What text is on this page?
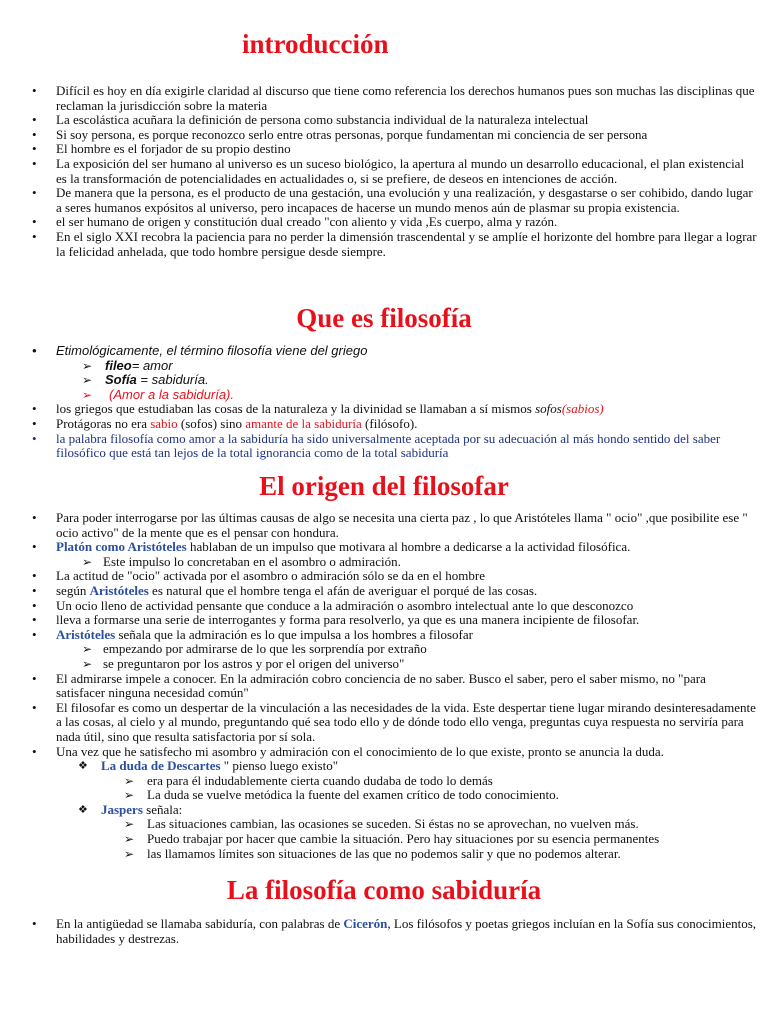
introducción
• Difícil es hoy en día exigirle claridad al discurso que tiene como referencia los derechos humanos pues son muchas las disciplinas que reclaman la jurisdicción sobre la materia
• La escolástica acuñara la definición de persona como substancia individual de la naturaleza intelectual
• Si soy persona, es porque reconozco serlo entre otras personas, porque fundamentan mi conciencia de ser persona
• El hombre es el forjador de su propio destino
• La exposición del ser humano al universo es un suceso biológico, la apertura al mundo un desarrollo educacional, el plan existencial es la transformación de potencialidades en actualidades o, si se prefiere, de deseos en intenciones de acción.
• De manera que la persona, es el producto de una gestación, una evolución y una realización, y desgastarse o ser cohibido, dando lugar a seres humanos expósitos al universo, pero incapaces de hacerse un mundo menos aún de plasmar su propia existencia.
• el ser humano de origen y constitución dual creado "con aliento y vida ,Es cuerpo, alma y razón.
• En el siglo XXI recobra la paciencia para no perder la dimensión trascendental y se amplíe el horizonte del hombre para llegar a lograr la felicidad anhelada, que todo hombre persigue desde siempre.
Que es filosofía
• Etimológicamente, el término filosofía viene del griego
➢ fileo= amor
➢ Sofía = sabiduría.
➢ (Amor a la sabiduría).
• los griegos que estudiaban las cosas de la naturaleza y la divinidad se llamaban a sí mismos sofos(sabios)
• Protágoras no era sabio (sofos) sino amante de la sabiduría (filósofo).
• la palabra filosofía como amor a la sabiduría ha sido universalmente aceptada por su adecuación al más hondo sentido del saber filosófico que está tan lejos de la total ignorancia como de la total sabiduría
El origen del filosofar
• Para poder interrogarse por las últimas causas de algo se necesita una cierta paz , lo que Aristóteles llama " ocio" ,que posibilite ese " ocio activo" de la mente que es el pensar con hondura.
• Platón como Aristóteles hablaban de un impulso que motivara al hombre a dedicarse a la actividad filosófica.
➢ Este impulso lo concretaban en el asombro o admiración.
• La actitud de "ocio" activada por el asombro o admiración sólo se da en el hombre
• según Aristóteles es natural que el hombre tenga el afán de averiguar el porqué de las cosas.
• Un ocio lleno de actividad pensante que conduce a la admiración o asombro intelectual ante lo que desconozco
• lleva a formarse una serie de interrogantes y forma para resolverlo, ya que es una manera incipiente de filosofar.
• Aristóteles señala que la admiración es lo que impulsa a los hombres a filosofar
➢ empezando por admirarse de lo que les sorprendía por extraño
➢ se preguntaron por los astros y por el origen del universo"
• El admirarse impele a conocer. En la admiración cobro conciencia de no saber. Busco el saber, pero el saber mismo, no "para satisfacer ninguna necesidad común"
• El filosofar es como un despertar de la vinculación a las necesidades de la vida. Este despertar tiene lugar mirando desinteresadamente a las cosas, al cielo y al mundo, preguntando qué sea todo ello y de dónde todo ello venga, preguntas cuya respuesta no serviría para nada útil, sino que resulta satisfactoria por sí sola.
• Una vez que he satisfecho mi asombro y admiración con el conocimiento de lo que existe, pronto se anuncia la duda.
❖ La duda de Descartes " pienso luego existo"
➢ era para él indudablemente cierta cuando dudaba de todo lo demás
➢ La duda se vuelve metódica la fuente del examen crítico de todo conocimiento.
❖ Jaspers señala:
➢ Las situaciones cambian, las ocasiones se suceden. Si éstas no se aprovechan, no vuelven más.
➢ Puedo trabajar por hacer que cambie la situación. Pero hay situaciones por su esencia permanentes
➢ las llamamos límites son situaciones de las que no podemos salir y que no podemos alterar.
La filosofía como sabiduría
• En la antigüedad se llamaba sabiduría, con palabras de Cicerón, Los filósofos y poetas griegos incluían en la Sofía sus conocimientos, habilidades y destrezas.
